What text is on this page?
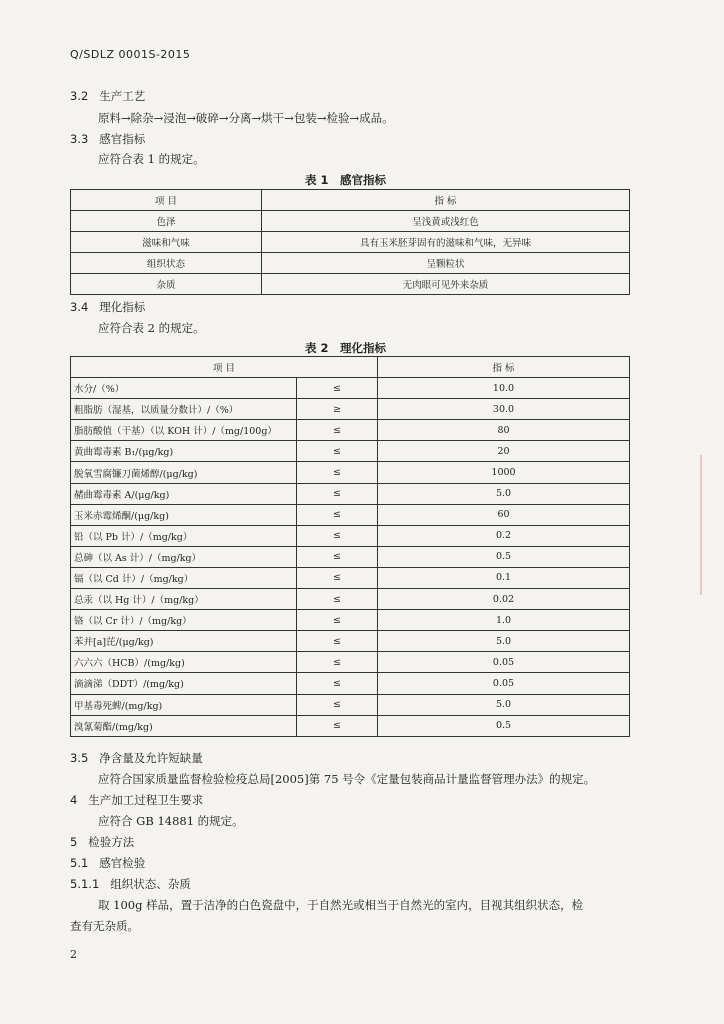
Q/SDLZ 0001S-2015
3.2 生产工艺
原料→除杂→浸泡→破碎→分离→烘干→包装→检验→成品。
3.3 感官指标
应符合表 1 的规定。
表 1　感官指标
项 目	指 标
色泽	呈浅黄或浅红色
滋味和气味	具有玉米胚芽固有的滋味和气味，无异味
组织状态	呈颗粒状
杂质	无肉眼可见外来杂质
3.4 理化指标
应符合表 2 的规定。
表 2　理化指标
项 目		指 标
水分/（%）	≤	10.0
粗脂肪（湿基，以质量分数计）/（%）	≥	30.0
脂肪酸值（干基）（以 KOH 计）/（mg/100g）	≤	80
黄曲霉毒素 B₁/(μg/kg)	≤	20
脱氧雪腐镰刀菌烯醇/(μg/kg)	≤	1000
赭曲霉毒素 A/(μg/kg)	≤	5.0
玉米赤霉烯酮/(μg/kg)	≤	60
铅（以 Pb 计）/（mg/kg）	≤	0.2
总砷（以 As 计）/（mg/kg）	≤	0.5
镉（以 Cd 计）/（mg/kg）	≤	0.1
总汞（以 Hg 计）/（mg/kg）	≤	0.02
铬（以 Cr 计）/（mg/kg）	≤	1.0
苯并[a]芘/(μg/kg)	≤	5.0
六六六（HCB）/(mg/kg)	≤	0.05
滴滴涕（DDT）/(mg/kg)	≤	0.05
甲基毒死蜱/(mg/kg)	≤	5.0
溴氰菊酯/(mg/kg)	≤	0.5
3.5 净含量及允许短缺量
应符合国家质量监督检验检疫总局[2005]第 75 号令《定量包装商品计量监督管理办法》的规定。
4 生产加工过程卫生要求
应符合 GB 14881 的规定。
5 检验方法
5.1 感官检验
5.1.1 组织状态、杂质
取 100g 样品，置于洁净的白色瓷盘中，于自然光或相当于自然光的室内，目视其组织状态，检
查有无杂质。
2
